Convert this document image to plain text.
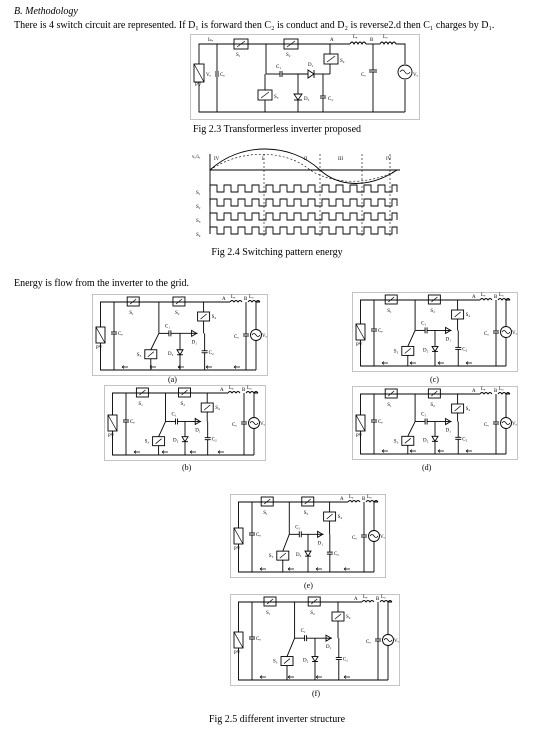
B. Methodology
There is 4 switch circuit are represented. If D₁ is forward then C₂ is conduct and D₂ is reverse2.d then C₁ charges by D₁.
PV
Vₑ Cₑ
Iₚᵥ
S₁	S₂
C₁
S₃	D₂	C₂
D₁
S₄
A
Lₑ
B
Lₒ
Cₒ	Vₒ
Fig 2.3 Transformerless inverter proposed
vₒ/iₒ	IV	I	II	III	IV
S₁
S₂
S₃
S₄
Fig 2.4 Switching pattern energy
Energy is flow from the inverter to the grid.
PV
Cₑ
S₁	S₂
C₁
S₃	D₂	C₂
S₄
D₁
A Lₑ B Lₒ
Cₒ	Vₒ
(a)
PV
Cₑ
S₁	S₂
C₁
S₃	D₂	C₂
S₄
D₁
A Lₑ B Lₒ
Cₒ	Vₒ
(c)
PV
Cₑ
S₁	S₂
C₁
S₃	D₂	C₂
S₄
D₁
A Lₑ B Lₒ
Cₒ	Vₒ
(b)
PV
Cₑ
S₁	S₂
C₁
S₃	D₂	C₂
S₄
D₁
A Lₑ B Lₒ
Cₒ	Vₒ
(d)
PV
Cₑ
S₁	S₂
C₁
S₃	D₂	C₂
S₄
D₁
A Lₑ B Lₒ
Cₒ	Vₒ
(e)
PV
Cₑ
S₁	S₂
C₁
S₃	D₂	C₂
S₄
D₁
A Lₑ B Lₒ
Cₒ	Vₒ
(f)
Fig 2.5 different inverter structure
